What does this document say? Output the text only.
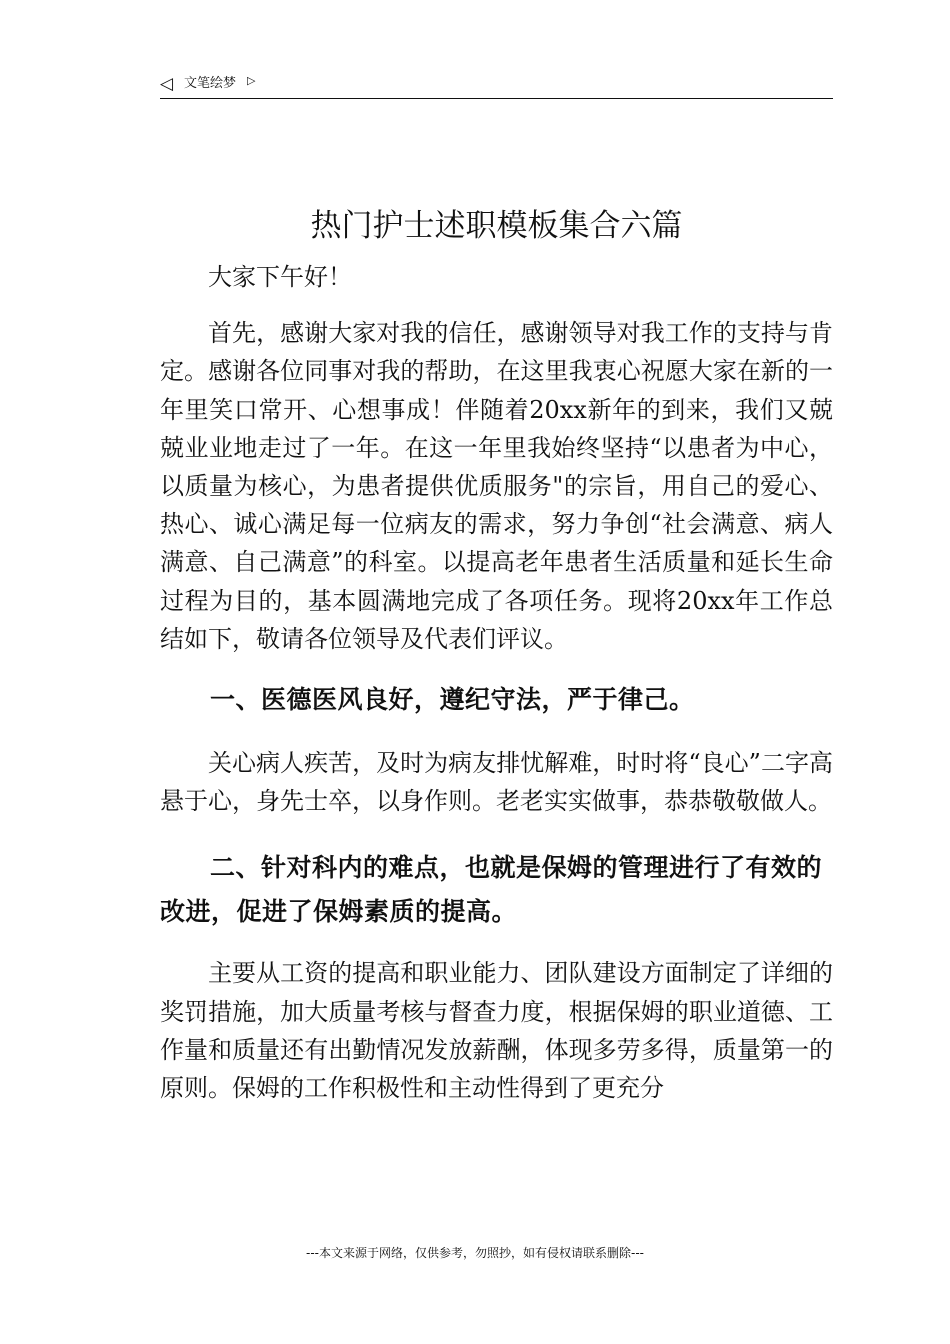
◁ 文笔绘梦 ▷
热门护士述职模板集合六篇

大家下午好！

首先，感谢大家对我的信任，感谢领导对我工作的支持与肯定。感谢各位同事对我的帮助，在这里我衷心祝愿大家在新的一年里笑口常开、心想事成！伴随着20xx新年的到来，我们又兢兢业业地走过了一年。在这一年里我始终坚持“以患者为中心，以质量为核心，为患者提供优质服务"的宗旨，用自己的爱心、热心、诚心满足每一位病友的需求，努力争创“社会满意、病人满意、自己满意”的科室。以提高老年患者生活质量和延长生命过程为目的，基本圆满地完成了各项任务。现将20xx年工作总结如下，敬请各位领导及代表们评议。

一、医德医风良好，遵纪守法，严于律己。

关心病人疾苦，及时为病友排忧解难，时时将“良心”二字高悬于心，身先士卒，以身作则。老老实实做事，恭恭敬敬做人。

二、针对科内的难点，也就是保姆的管理进行了有效的改进，促进了保姆素质的提高。

主要从工资的提高和职业能力、团队建设方面制定了详细的奖罚措施，加大质量考核与督查力度，根据保姆的职业道德、工作量和质量还有出勤情况发放薪酬，体现多劳多得，质量第一的原则。保姆的工作积极性和主动性得到了更充分

---本文来源于网络，仅供参考，勿照抄，如有侵权请联系删除---
